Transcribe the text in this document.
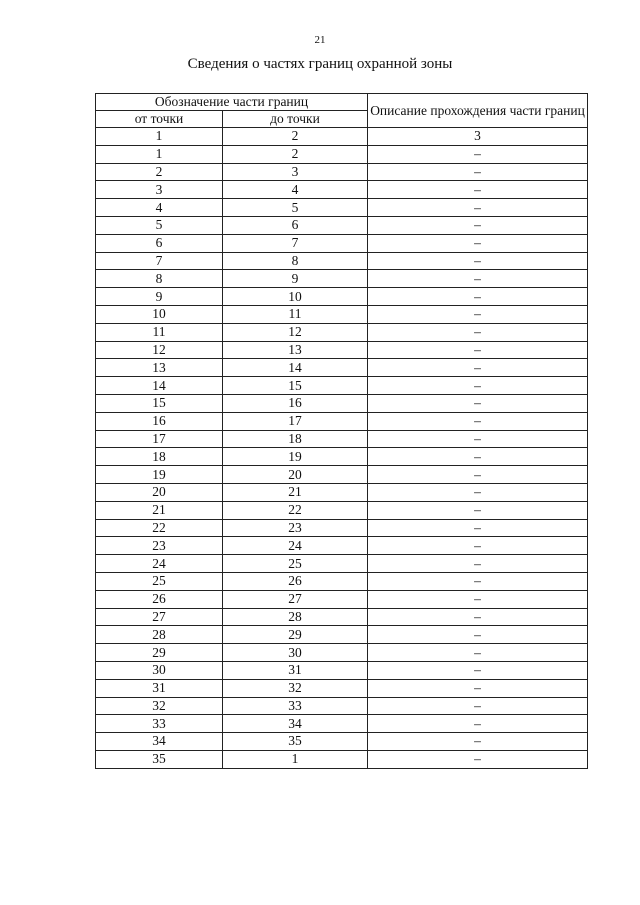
21
Сведения о частях границ охранной зоны
Обозначение части границ		Описание прохождения части границ
от точки	до точки	
1	2	3
1	2	–
2	3	–
3	4	–
4	5	–
5	6	–
6	7	–
7	8	–
8	9	–
9	10	–
10	11	–
11	12	–
12	13	–
13	14	–
14	15	–
15	16	–
16	17	–
17	18	–
18	19	–
19	20	–
20	21	–
21	22	–
22	23	–
23	24	–
24	25	–
25	26	–
26	27	–
27	28	–
28	29	–
29	30	–
30	31	–
31	32	–
32	33	–
33	34	–
34	35	–
35	1	–
